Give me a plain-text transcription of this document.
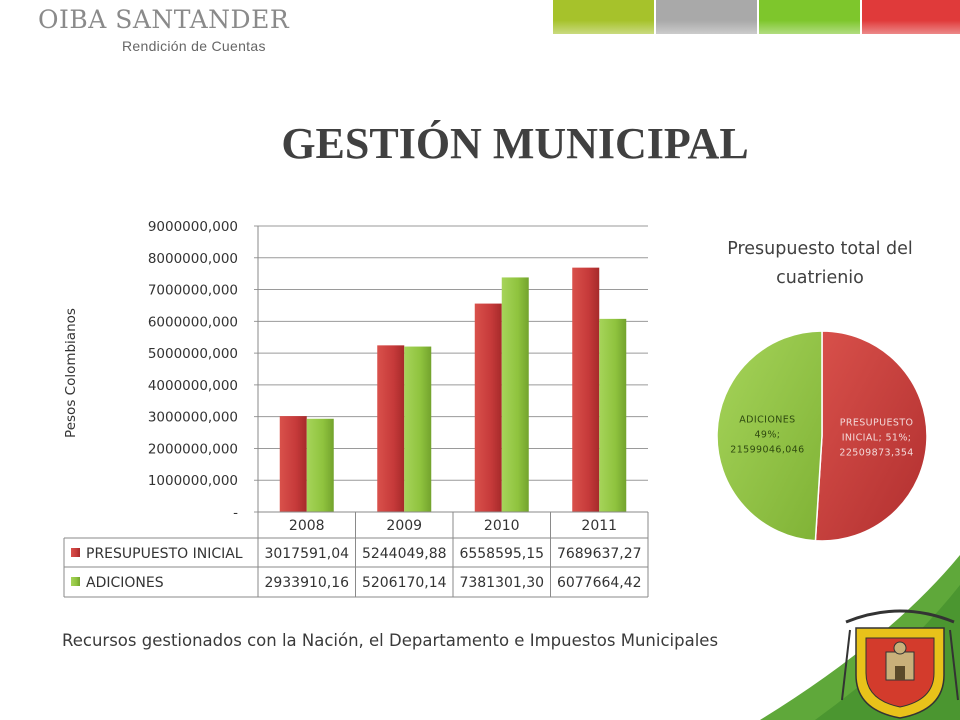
OIBA SANTANDER
Rendición de Cuentas
GESTIÓN MUNICIPAL
-
1000000,000
2000000,000
3000000,000
4000000,000
5000000,000
6000000,000
7000000,000
8000000,000
9000000,000
Pesos Colombianos
2008	2009	2010	2011
PRESUPUESTO INICIAL 3017591,04 5244049,88 6558595,15 7689637,27
ADICIONES	2933910,16 5206170,14 7381301,30 6077664,42
PRESUPUESTO
INICIAL; 51%;
22509873,354
ADICIONES
49%;
21599046,046
Presupuesto total del cuatrienio
Recursos gestionados con la Nación, el Departamento e Impuestos Municipales
